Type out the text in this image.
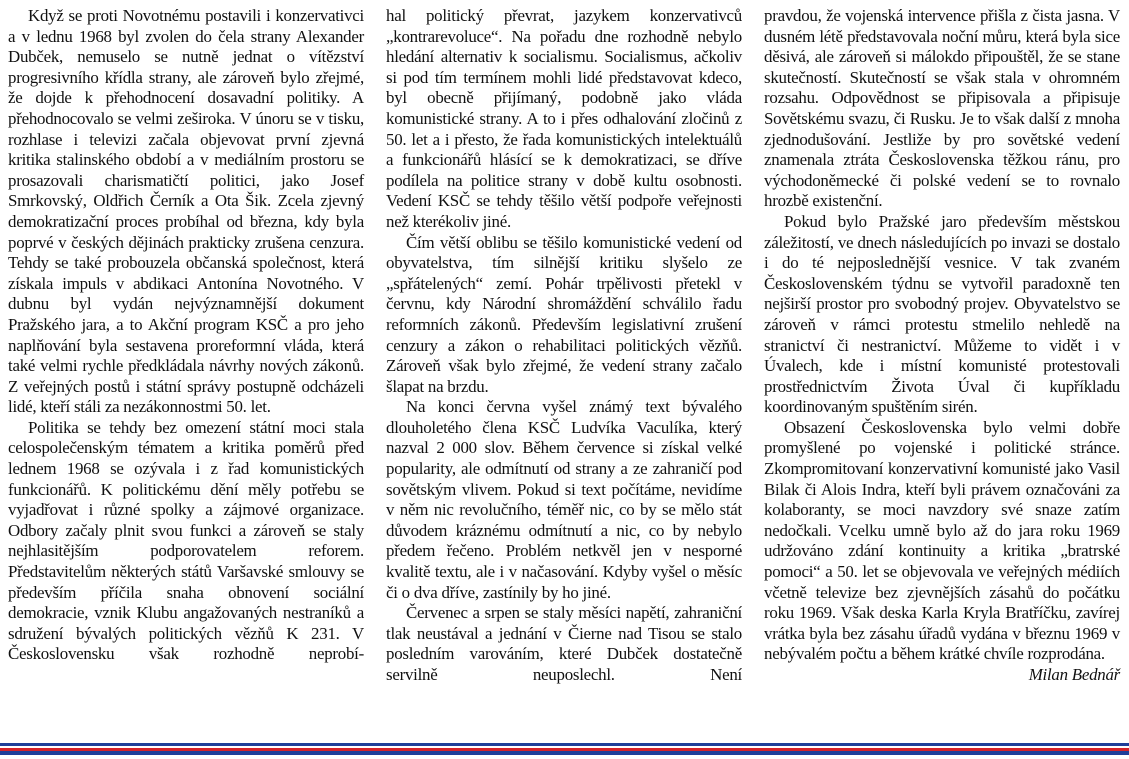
Když se proti Novotnému postavili i konzervativci a v lednu 1968 byl zvolen do čela strany Alexander Dubček, nemuselo se nutně jednat o vítězství progresivního křídla strany, ale zároveň bylo zřejmé, že dojde k přehodnocení dosavadní politiky. A přehodnocovalo se velmi zeširoka. V únoru se v tisku, rozhlase i televizi začala objevovat první zjevná kritika stalinského období a v mediálním prostoru se prosazovali charismatičtí politici, jako Josef Smrkovský, Oldřich Černík a Ota Šik. Zcela zjevný demokratizační proces probíhal od března, kdy byla poprvé v českých dějinách prakticky zrušena cenzura. Tehdy se také probouzela občanská společnost, která získala impuls v abdikaci Antonína Novotného. V dubnu byl vydán nejvýznamnější dokument Pražského jara, a to Akční program KSČ a pro jeho naplňování byla sestavena proreformní vláda, která také velmi rychle předkládala návrhy nových zákonů. Z veřejných postů i státní správy postupně odcházeli lidé, kteří stáli za nezákonnostmi 50. let.

Politika se tehdy bez omezení státní moci stala celospolečenským tématem a kritika poměrů před lednem 1968 se ozývala i z řad komunistických funkcionářů. K politickému dění měly potřebu se vyjadřovat i různé spolky a zájmové organizace. Odbory začaly plnit svou funkci a zároveň se staly nejhlasitějším podporovatelem reforem. Představitelům některých států Varšavské smlouvy se především příčila snaha obnovení sociální demokracie, vznik Klubu angažovaných nestraníků a sdružení bývalých politických vězňů K 231. V Československu však rozhodně neprobí-

hal politický převrat, jazykem konzervativců „kontrarevoluce“. Na pořadu dne rozhodně nebylo hledání alternativ k socialismu. Socialismus, ačkoliv si pod tím termínem mohli lidé představovat kdeco, byl obecně přijímaný, podobně jako vláda komunistické strany. A to i přes odhalování zločinů z 50. let a i přesto, že řada komunistických intelektuálů a funkcionářů hlásící se k demokratizaci, se dříve podílela na politice strany v době kultu osobnosti. Vedení KSČ se tehdy těšilo větší podpoře veřejnosti než kterékoliv jiné.

Čím větší oblibu se těšilo komunistické vedení od obyvatelstva, tím silnější kritiku slyšelo ze „spřátelených“ zemí. Pohár trpělivosti přetekl v červnu, kdy Národní shromáždění schválilo řadu reformních zákonů. Především legislativní zrušení cenzury a zákon o rehabilitaci politických vězňů. Zároveň však bylo zřejmé, že vedení strany začalo šlapat na brzdu.

Na konci června vyšel známý text bývalého dlouholetého člena KSČ Ludvíka Vaculíka, který nazval 2 000 slov. Během července si získal velké popularity, ale odmítnutí od strany a ze zahraničí pod sovětským vlivem. Pokud si text počítáme, nevidíme v něm nic revolučního, téměř nic, co by se mělo stát důvodem kráznému odmítnutí a nic, co by nebylo předem řečeno. Problém netkvěl jen v nesporné kvalitě textu, ale i v načasování. Kdyby vyšel o měsíc či o dva dříve, zastínily by ho jiné.

Červenec a srpen se staly měsíci napětí, zahraniční tlak neustával a jednání v Čierne nad Tisou se stalo posledním varováním, které Dubček dostatečně servilně neuposlechl. Není

pravdou, že vojenská intervence přišla z čista jasna. V dusném létě představovala noční můru, která byla sice děsivá, ale zároveň si málokdo připouštěl, že se stane skutečností. Skutečností se však stala v ohromném rozsahu. Odpovědnost se připisovala a připisuje Sovětskému svazu, či Rusku. Je to však další z mnoha zjednodušování. Jestliže by pro sovětské vedení znamenala ztráta Československa těžkou ránu, pro východoněmecké či polské vedení se to rovnalo hrozbě existenční.

Pokud bylo Pražské jaro především městskou záležitostí, ve dnech následujících po invazi se dostalo i do té nejposlednější vesnice. V tak zvaném Československém týdnu se vytvořil paradoxně ten nejširší prostor pro svobodný projev. Obyvatelstvo se zároveň v rámci protestu stmelilo nehledě na stranictví či nestranictví. Můžeme to vidět i v Úvalech, kde i místní komunisté protestovali prostřednictvím Života Úval či kupříkladu koordinovaným spuštěním sirén.

Obsazení Československa bylo velmi dobře promyšlené po vojenské i politické stránce. Zkompromitovaní konzervativní komunisté jako Vasil Bilak či Alois Indra, kteří byli právem označováni za kolaboranty, se moci navzdory své snaze zatím nedočkali. Vcelku umně bylo až do jara roku 1969 udržováno zdání kontinuity a kritika „bratrské pomoci“ a 50. let se objevovala ve veřejných médiích včetně televize bez zjevnějších zásahů do počátku roku 1969. Však deska Karla Kryla Bratříčku, zavírej vrátka byla bez zásahu úřadů vydána v březnu 1969 v nebývalém počtu a během krátké chvíle rozprodána.
Milan Bednář
